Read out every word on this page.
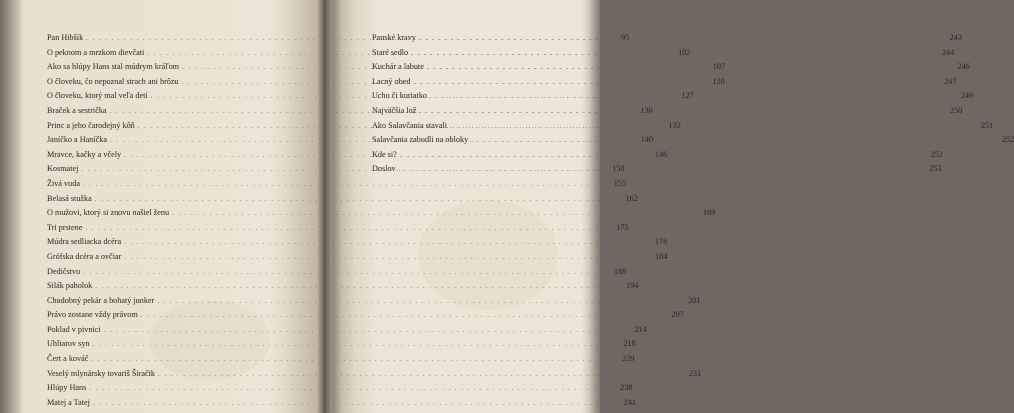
Pan Hibšík . . .	95
O peknom a mrzkom dievčati . . .	102
Ako sa hlúpy Hans stal múdrym kráľom . . .	107
O človeku, čo nepoznal strach ani hrôzu . . .	120
O človeku, ktorý mal veľa detí . . .	127
Braček a sestrička . . .	130
Princ a jeho čarodejný kôň . . .	132
Janíčko a Haníčka . . .	140
Mravce, kačky a včely . . .	146
Kosmatej . . .	150
Živá voda . . .	155
Belasá stužka . . .	162
O mužovi, ktorý si znovu našiel ženu . . .	169
Tri prstene . . .	175
Múdra sedliacka dcéra . . .	178
Grófska dcéra a ovčiar . . .	184
Dedičstvo . . .	188
Silák paholok . . .	194
Chudobný pekár a bohatý junker . . .	201
Právo zostane vždy právom . . .	207
Poklad v pivnici . . .	214
Uhliarov syn . . .	218
Čert a kováč . . .	229
Veselý mlynársky tovariš Širačik . . .	231
Hlúpy Hans . . .	238
Matej a Tatej . . .	241
Panské kravy . . .	243
Staré sedlo . . .	244
Kuchár a labute . . .	246
Lacný obed . . .	247
Ucho či kuriatko . . .	249
Najväčšia lož . . .	250
Ako Salavčania stavali . . .	251
Salavčania zabudli na obloky . . .	252
Kde si? . . .	252
Doslov . . .	253
